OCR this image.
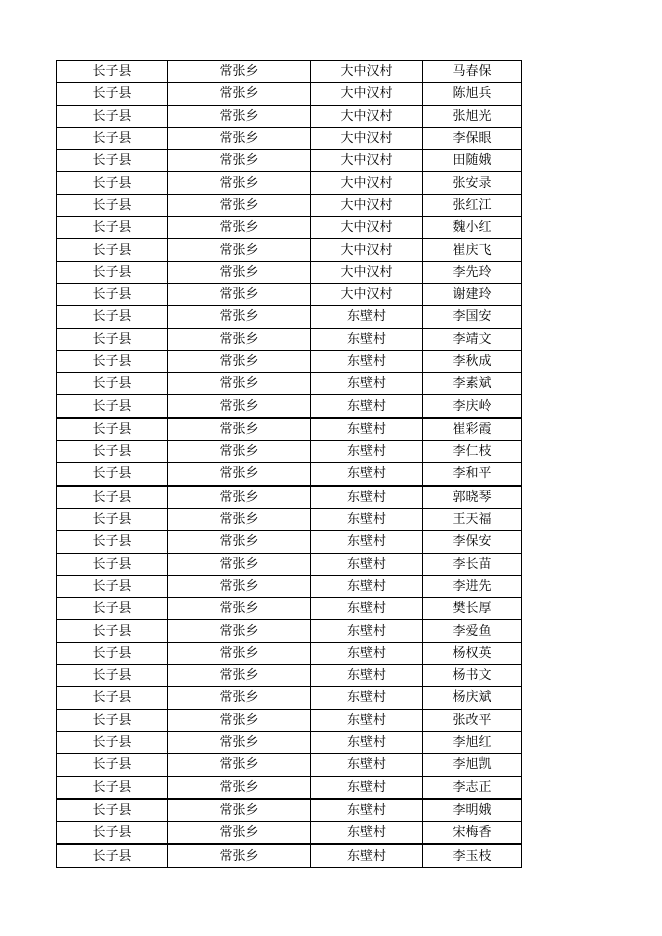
长子县	常张乡	大中汉村	马春保
长子县	常张乡	大中汉村	陈旭兵
长子县	常张乡	大中汉村	张旭光
长子县	常张乡	大中汉村	李保眼
长子县	常张乡	大中汉村	田随娥
长子县	常张乡	大中汉村	张安录
长子县	常张乡	大中汉村	张红江
长子县	常张乡	大中汉村	魏小红
长子县	常张乡	大中汉村	崔庆飞
长子县	常张乡	大中汉村	李先玲
长子县	常张乡	大中汉村	谢建玲
长子县	常张乡	东壁村	李国安
长子县	常张乡	东壁村	李靖文
长子县	常张乡	东壁村	李秋成
长子县	常张乡	东壁村	李素斌
长子县	常张乡	东壁村	李庆岭
长子县	常张乡	东壁村	崔彩霞
长子县	常张乡	东壁村	李仁枝
长子县	常张乡	东壁村	李和平
长子县	常张乡	东壁村	郭晓琴
长子县	常张乡	东壁村	王天福
长子县	常张乡	东壁村	李保安
长子县	常张乡	东壁村	李长苗
长子县	常张乡	东壁村	李进先
长子县	常张乡	东壁村	樊长厚
长子县	常张乡	东壁村	李爱鱼
长子县	常张乡	东壁村	杨权英
长子县	常张乡	东壁村	杨书文
长子县	常张乡	东壁村	杨庆斌
长子县	常张乡	东壁村	张改平
长子县	常张乡	东壁村	李旭红
长子县	常张乡	东壁村	李旭凯
长子县	常张乡	东壁村	李志正
长子县	常张乡	东壁村	李明娥
长子县	常张乡	东壁村	宋梅香
长子县	常张乡	东壁村	李玉枝
